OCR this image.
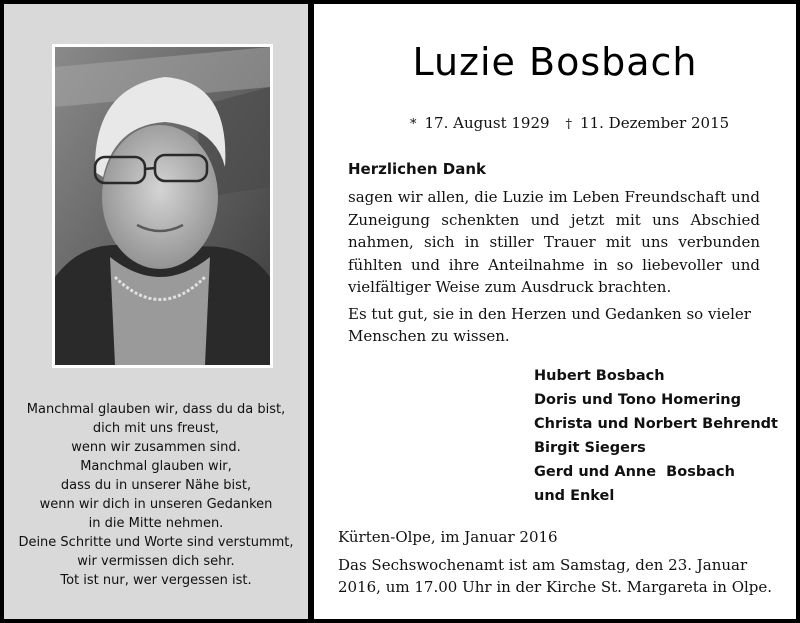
Manchmal glauben wir, dass du da bist,
dich mit uns freust,
wenn wir zusammen sind.
Manchmal glauben wir,
dass du in unserer Nähe bist,
wenn wir dich in unseren Gedanken
in die Mitte nehmen.
Deine Schritte und Worte sind verstummt,
wir vermissen dich sehr.
Tot ist nur, wer vergessen ist.
Luzie Bosbach
* 17. August 1929 † 11. Dezember 2015
Herzlichen Dank

sagen wir allen, die Luzie im Leben Freundschaft und Zuneigung schenkten und jetzt mit uns Abschied nahmen, sich in stiller Trauer mit uns verbunden fühlten und ihre Anteilnahme in so liebevoller und vielfältiger Weise zum Ausdruck brachten.

Es tut gut, sie in den Herzen und Gedanken so vieler Menschen zu wissen.

Hubert Bosbach
Doris und Tono Homering
Christa und Norbert Behrendt
Birgit Siegers
Gerd und Anne  Bosbach
und Enkel
Kürten-Olpe, im Januar 2016
Das Sechswochenamt ist am Samstag, den 23. Januar 2016, um 17.00 Uhr in der Kirche St. Margareta in Olpe.
